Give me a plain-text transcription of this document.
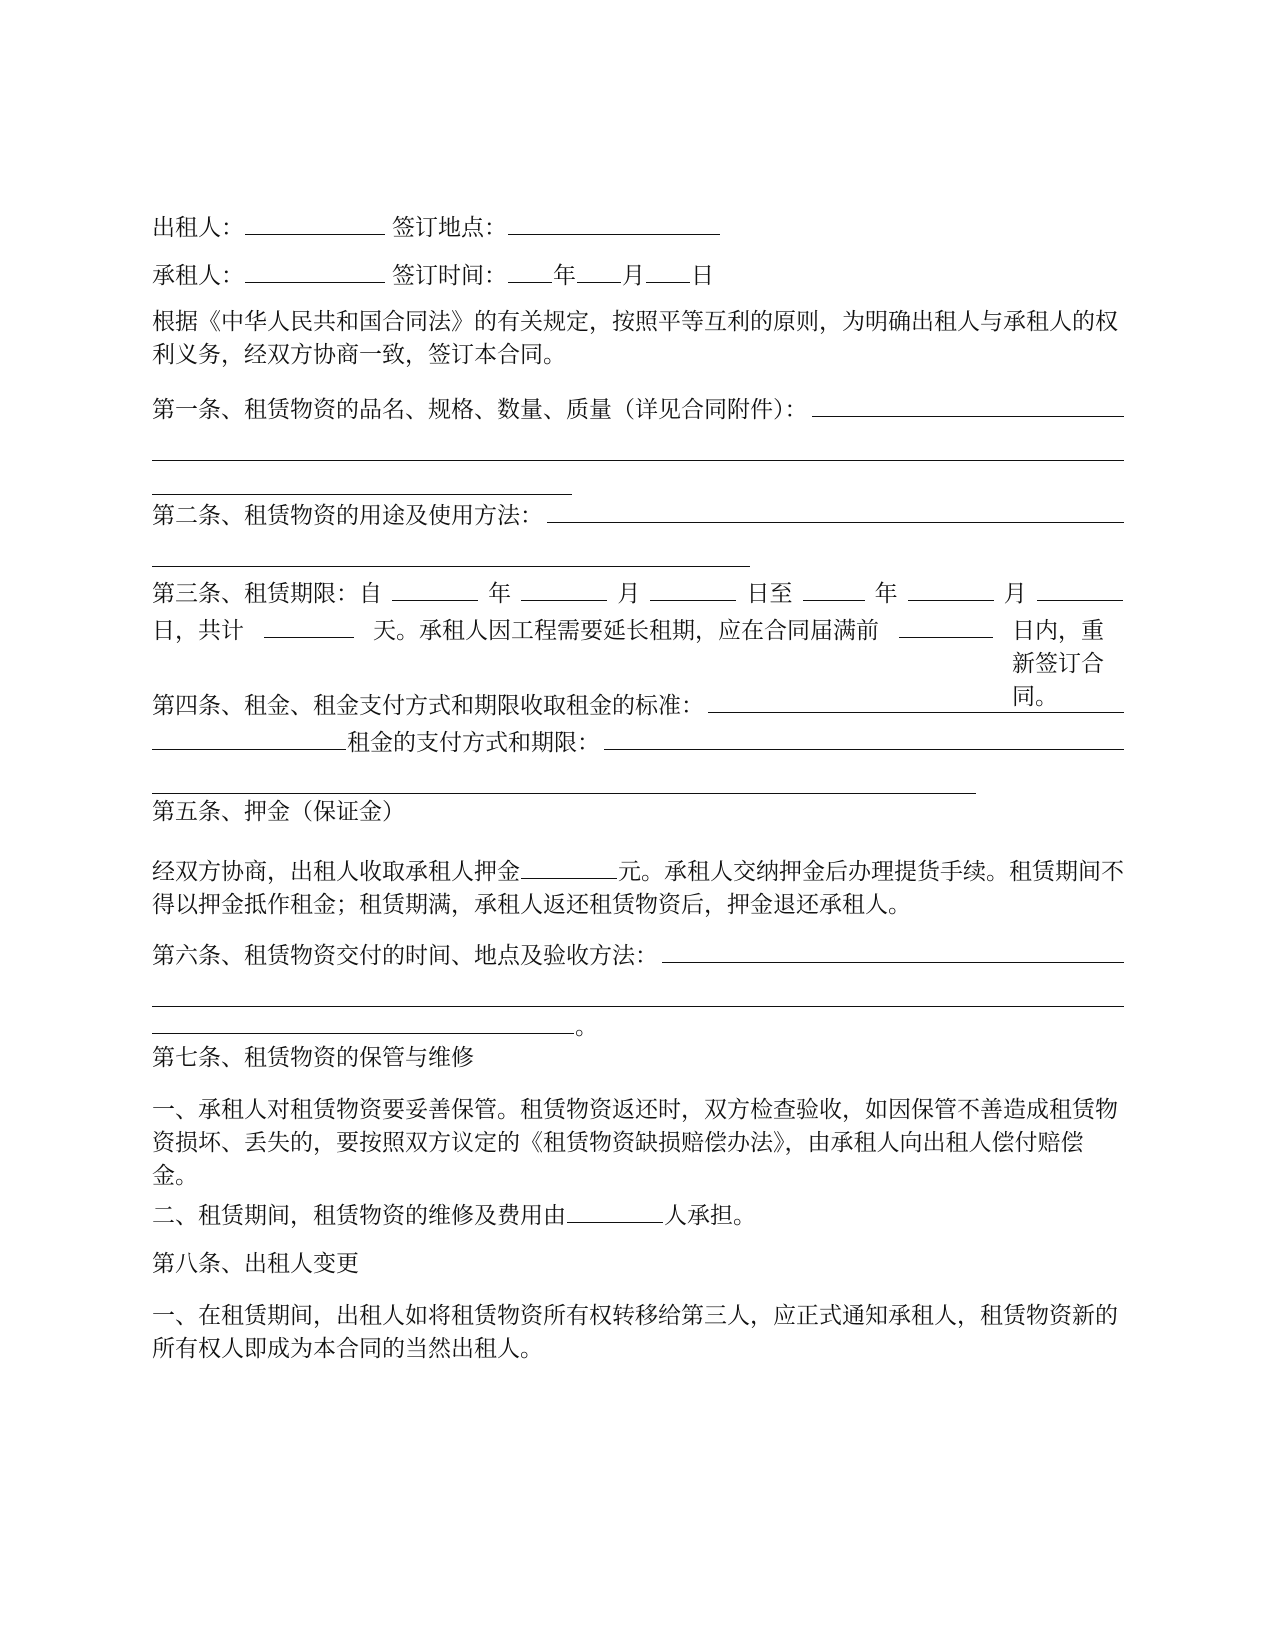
出租人：	签订地点：
承租人：	签订时间： 年 月 日

根据《中华人民共和国合同法》的有关规定，按照平等互利的原则，为明确出租人与承租人的权利义务，经双方协商一致，签订本合同。

第一条、租赁物资的品名、规格、数量、质量（详见合同附件）：
第二条、租赁物资的用途及使用方法：
第三条、租赁期限：自	年	月	日至	年	月
日，共计	天。承租人因工程需要延长租期，应在合同届满前	日内，重新签订合同。
第四条、租金、租金支付方式和期限收取租金的标准：
租金的支付方式和期限：

第五条、押金（保证金）

经双方协商，出租人收取承租人押金	元。承租人交纳押金后办理提货手续。租赁期间不得以押金抵作租金；租赁期满，承租人返还租赁物资后，押金退还承租人。

第六条、租赁物资交付的时间、地点及验收方法：
。

第七条、租赁物资的保管与维修

一、承租人对租赁物资要妥善保管。租赁物资返还时，双方检查验收，如因保管不善造成租赁物资损坏、丢失的，要按照双方议定的《租赁物资缺损赔偿办法》，由承租人向出租人偿付赔偿金。

二、租赁期间，租赁物资的维修及费用由	人承担。

第八条、出租人变更

一、在租赁期间，出租人如将租赁物资所有权转移给第三人，应正式通知承租人，租赁物资新的所有权人即成为本合同的当然出租人。
